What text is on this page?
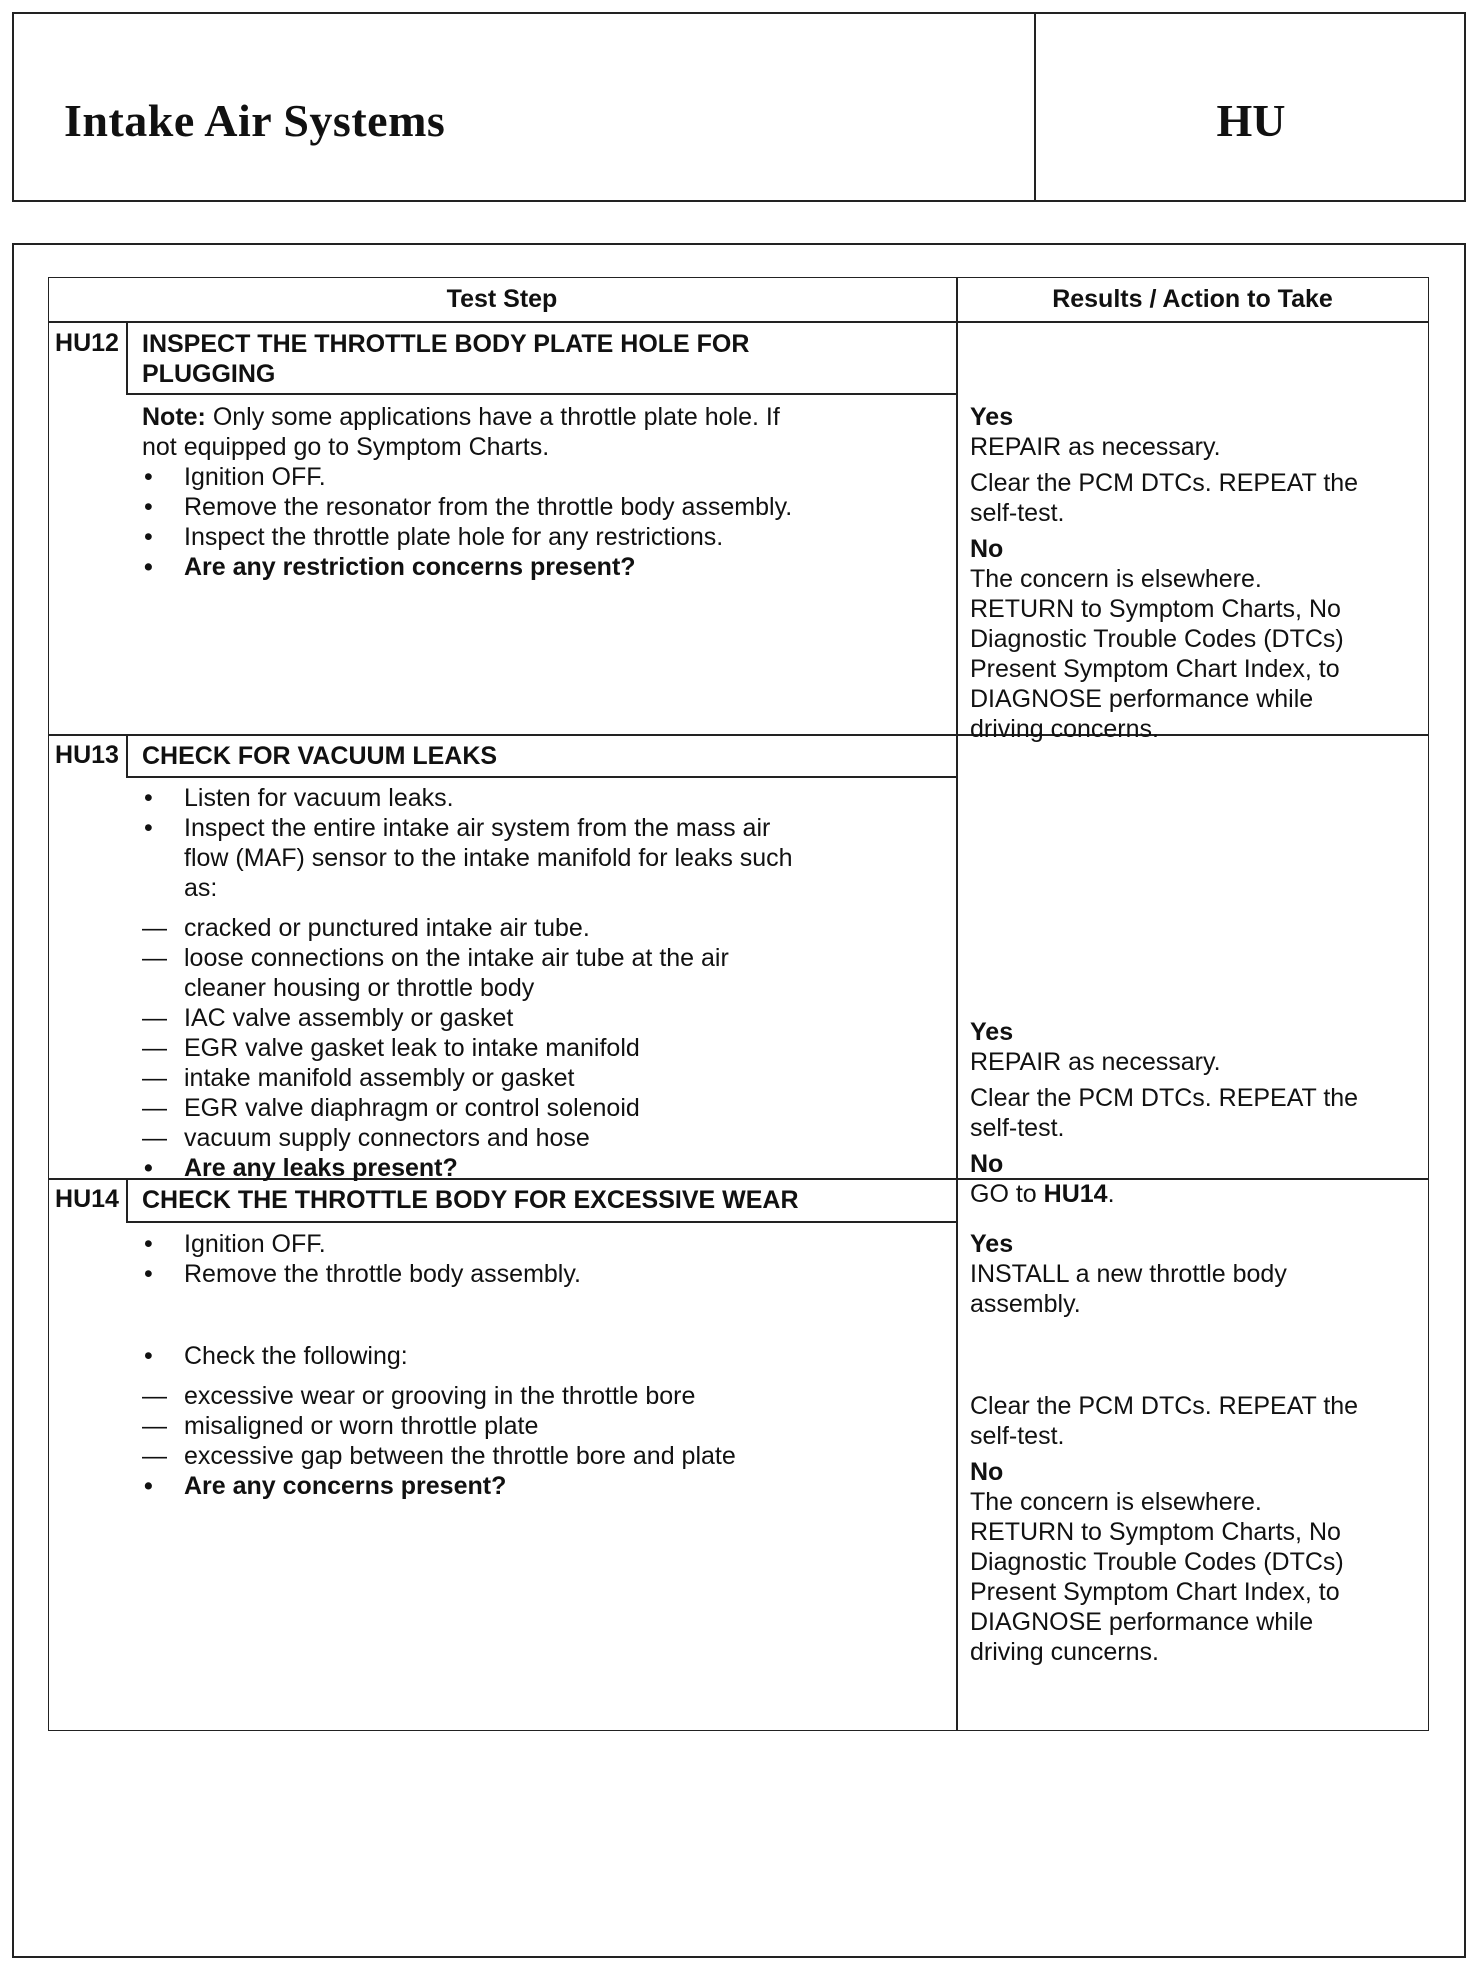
Intake Air Systems	HU
Test Step	Results / Action to Take
HU12 INSPECT THE THROTTLE BODY PLATE HOLE FOR
PLUGGING
Note: Only some applications have a throttle plate hole. If
not equipped go to Symptom Charts.
• Ignition OFF.
• Remove the resonator from the throttle body assembly.
• Inspect the throttle plate hole for any restrictions.
• Are any restriction concerns present?
Yes
REPAIR as necessary.
Clear the PCM DTCs. REPEAT the
self-test.
No
The concern is elsewhere.
RETURN to Symptom Charts, No
Diagnostic Trouble Codes (DTCs)
Present Symptom Chart Index, to
DIAGNOSE performance while
driving concerns.
HU13 CHECK FOR VACUUM LEAKS
• Listen for vacuum leaks.
• Inspect the entire intake air system from the mass air
flow (MAF) sensor to the intake manifold for leaks such
as:
— cracked or punctured intake air tube.
— loose connections on the intake air tube at the air
cleaner housing or throttle body
— IAC valve assembly or gasket
— EGR valve gasket leak to intake manifold
— intake manifold assembly or gasket
— EGR valve diaphragm or control solenoid
— vacuum supply connectors and hose
• Are any leaks present?
Yes
REPAIR as necessary.
Clear the PCM DTCs. REPEAT the
self-test.
No
GO to HU14.
HU14 CHECK THE THROTTLE BODY FOR EXCESSIVE WEAR
• Ignition OFF.
• Remove the throttle body assembly.
• Check the following:
— excessive wear or grooving in the throttle bore
— misaligned or worn throttle plate
— excessive gap between the throttle bore and plate
• Are any concerns present?
Yes
INSTALL a new throttle body
assembly.
Clear the PCM DTCs. REPEAT the
self-test.
No
The concern is elsewhere.
RETURN to Symptom Charts, No
Diagnostic Trouble Codes (DTCs)
Present Symptom Chart Index, to
DIAGNOSE performance while
driving cuncerns.
